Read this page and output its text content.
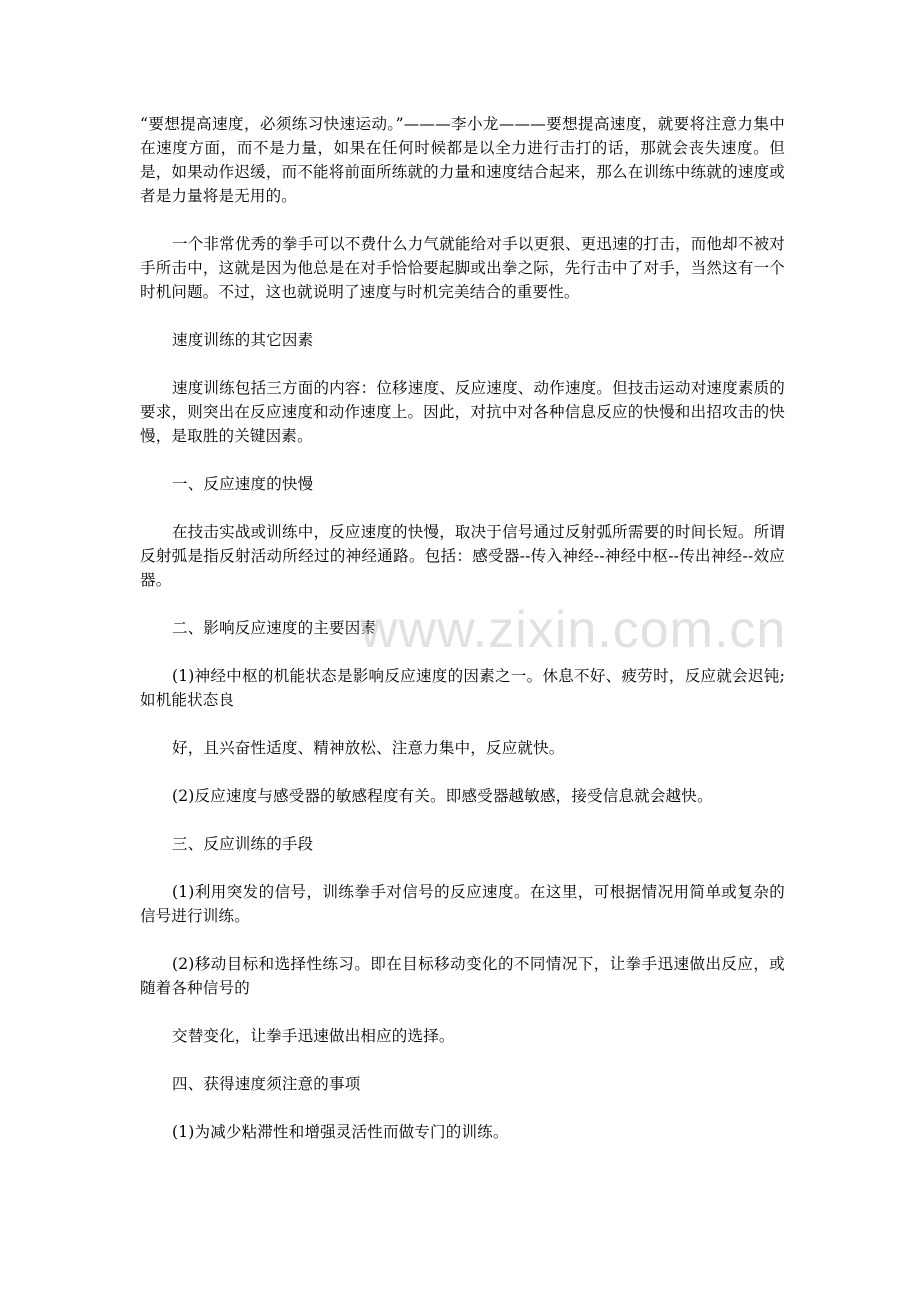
“要想提高速度，必须练习快速运动。”———李小龙———要想提高速度，就要将注意力集中在速度方面，而不是力量，如果在任何时候都是以全力进行击打的话，那就会丧失速度。但是，如果动作迟缓，而不能将前面所练就的力量和速度结合起来，那么在训练中练就的速度或者是力量将是无用的。

一个非常优秀的拳手可以不费什么力气就能给对手以更狠、更迅速的打击，而他却不被对手所击中，这就是因为他总是在对手恰恰要起脚或出拳之际，先行击中了对手，当然这有一个时机问题。不过，这也就说明了速度与时机完美结合的重要性。

速度训练的其它因素

速度训练包括三方面的内容：位移速度、反应速度、动作速度。但技击运动对速度素质的要求，则突出在反应速度和动作速度上。因此，对抗中对各种信息反应的快慢和出招攻击的快慢，是取胜的关键因素。

一、反应速度的快慢

在技击实战或训练中，反应速度的快慢，取决于信号通过反射弧所需要的时间长短。所谓反射弧是指反射活动所经过的神经通路。包括：感受器--传入神经--神经中枢--传出神经--效应器。

二、影响反应速度的主要因素

(1)神经中枢的机能状态是影响反应速度的因素之一。休息不好、疲劳时，反应就会迟钝;如机能状态良

好，且兴奋性适度、精神放松、注意力集中，反应就快。

(2)反应速度与感受器的敏感程度有关。即感受器越敏感，接受信息就会越快。

三、反应训练的手段

(1)利用突发的信号，训练拳手对信号的反应速度。在这里，可根据情况用简单或复杂的信号进行训练。

(2)移动目标和选择性练习。即在目标移动变化的不同情况下，让拳手迅速做出反应，或随着各种信号的

交替变化，让拳手迅速做出相应的选择。

四、获得速度须注意的事项

(1)为减少粘滞性和增强灵活性而做专门的训练。

www.zixin.com.cn
